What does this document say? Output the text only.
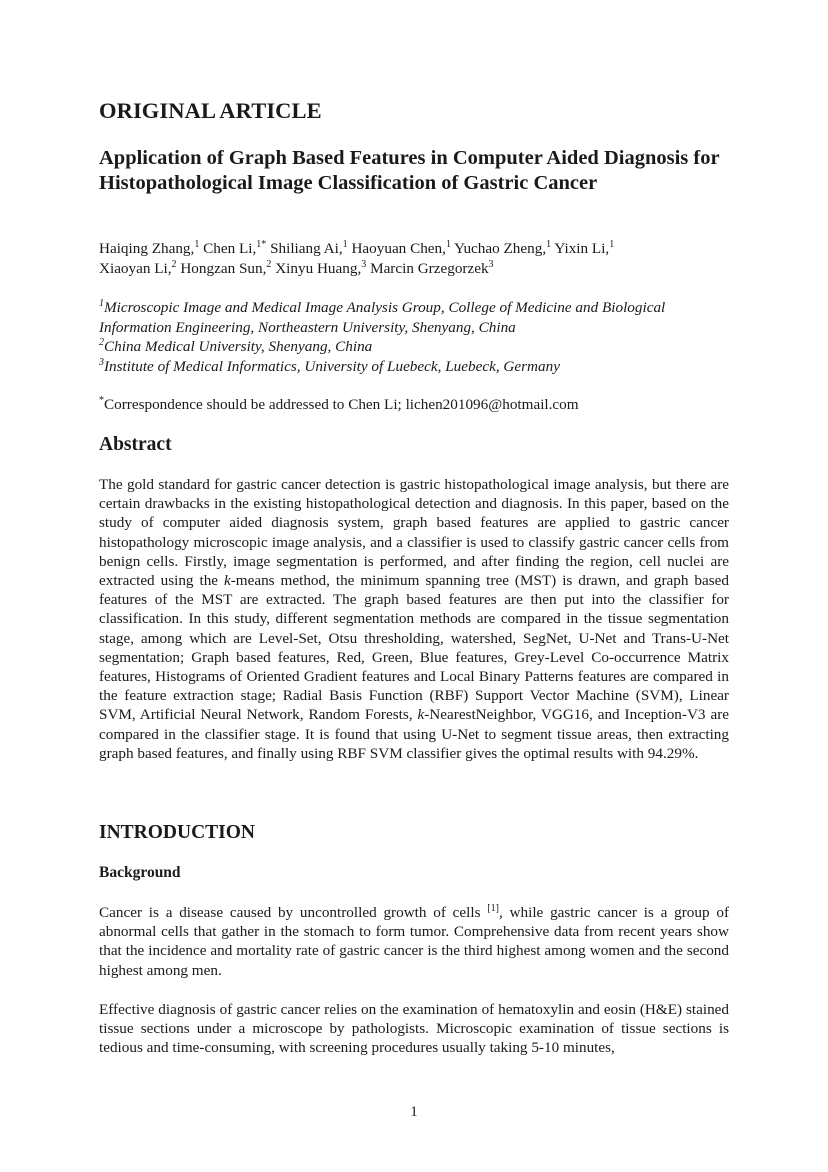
ORIGINAL ARTICLE
Application of Graph Based Features in Computer Aided Diagnosis for Histopathological Image Classification of Gastric Cancer
Haiqing Zhang,$^1$ Chen Li,$^{1*}$ Shiliang Ai,$^1$ Haoyuan Chen,$^1$ Yuchao Zheng,$^1$ Yixin Li,$^1$
Xiaoyan Li,$^2$ Hongzan Sun,$^2$ Xinyu Huang,$^3$ Marcin Grzegorzek$^3$
$^1$Microscopic Image and Medical Image Analysis Group, College of Medicine and Biological
Information Engineering, Northeastern University, Shenyang, China
$^2$China Medical University, Shenyang, China
$^3$Institute of Medical Informatics, University of Luebeck, Luebeck, Germany
*Correspondence should be addressed to Chen Li; lichen201096@hotmail.com
Abstract

The gold standard for gastric cancer detection is gastric histopathological image analysis, but there are certain drawbacks in the existing histopathological detection and diagnosis. In this paper, based on the study of computer aided diagnosis system, graph based features are applied to gastric cancer histopathology microscopic image analysis, and a classifier is used to classify gastric cancer cells from benign cells. Firstly, image segmentation is performed, and after finding the region, cell nuclei are extracted using the k-means method, the minimum spanning tree (MST) is drawn, and graph based features of the MST are extracted. The graph based features are then put into the classifier for classification. In this study, different segmentation methods are compared in the tissue segmentation stage, among which are Level-Set, Otsu thresholding, watershed, SegNet, U-Net and Trans-U-Net segmentation; Graph based features, Red, Green, Blue features, Grey-Level Co-occurrence Matrix features, Histograms of Oriented Gradient features and Local Binary Patterns features are compared in the feature extraction stage; Radial Basis Function (RBF) Support Vector Machine (SVM), Linear SVM, Artificial Neural Network, Random Forests, k-NearestNeighbor, VGG16, and Inception-V3 are compared in the classifier stage. It is found that using U-Net to segment tissue areas, then extracting graph based features, and finally using RBF SVM classifier gives the optimal results with 94.29%.

INTRODUCTION
Background

Cancer is a disease caused by uncontrolled growth of cells [1], while gastric cancer is a group of abnormal cells that gather in the stomach to form tumor. Comprehensive data from recent years show that the incidence and mortality rate of gastric cancer is the third highest among women and the second highest among men.

Effective diagnosis of gastric cancer relies on the examination of hematoxylin and eosin (H&E) stained tissue sections under a microscope by pathologists. Microscopic examination of tissue sections is tedious and time-consuming, with screening procedures usually taking 5-10 minutes,

1
